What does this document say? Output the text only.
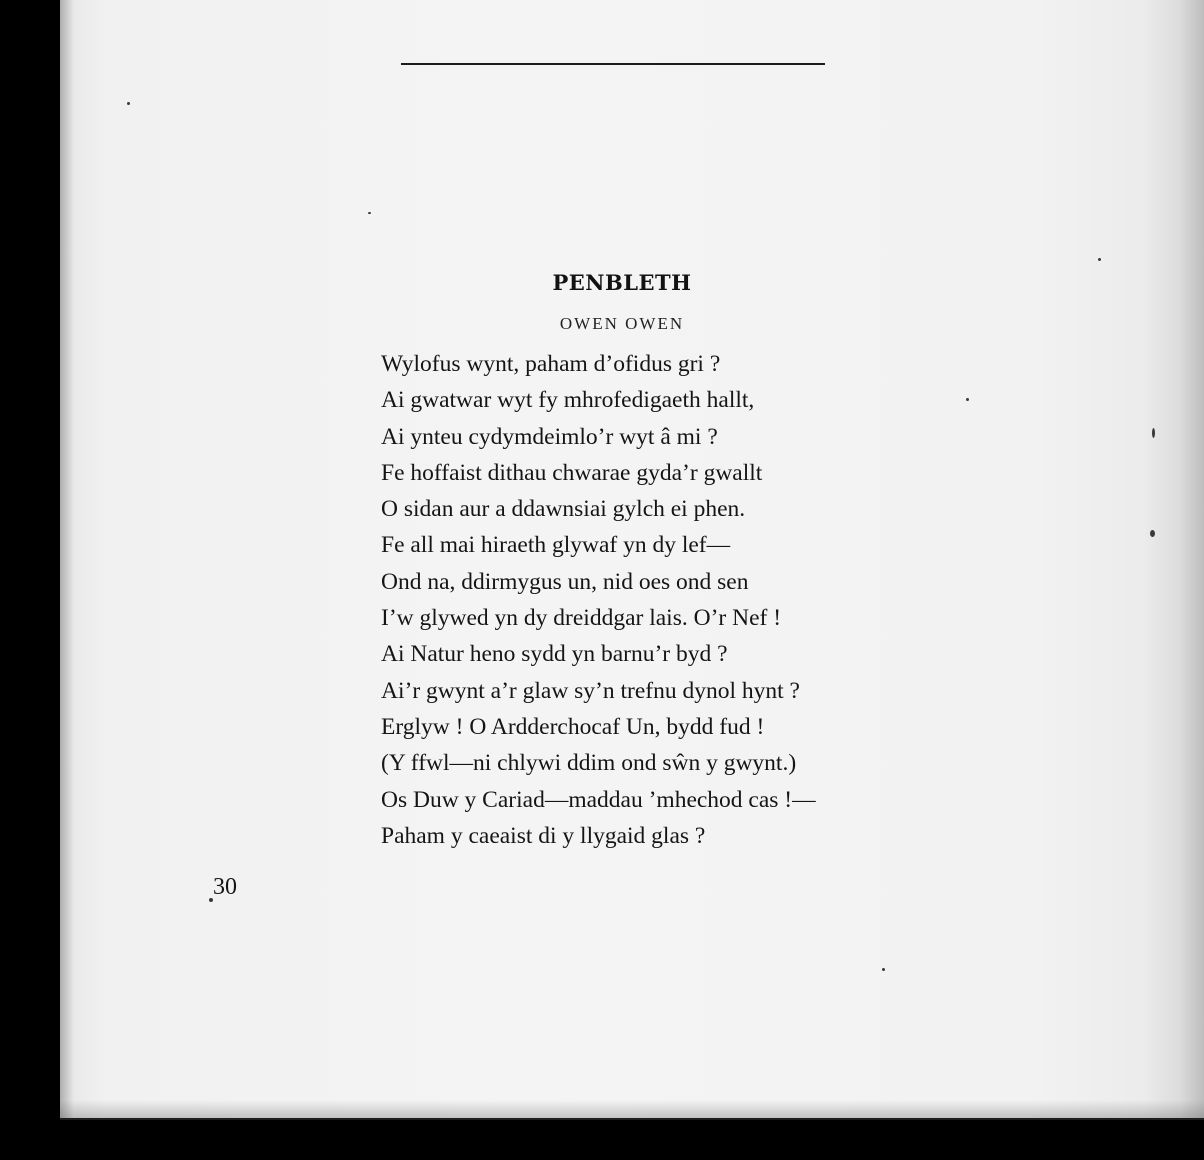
PENBLETH
OWEN OWEN
Wylofus wynt, paham d’ofidus gri ?
Ai gwatwar wyt fy mhrofedigaeth hallt,
Ai ynteu cydymdeimlo’r wyt â mi ?
Fe hoffaist dithau chwarae gyda’r gwallt
O sidan aur a ddawnsiai gylch ei phen.
Fe all mai hiraeth glywaf yn dy lef—
Ond na, ddirmygus un, nid oes ond sen
I’w glywed yn dy dreiddgar lais. O’r Nef !
Ai Natur heno sydd yn barnu’r byd ?
Ai’r gwynt a’r glaw sy’n trefnu dynol hynt ?
Erglyw ! O Ardderchocaf Un, bydd fud !
(Y ffwl—ni chlywi ddim ond sŵn y gwynt.)
Os Duw y Cariad—maddau ’mhechod cas !—
Paham y caeaist di y llygaid glas ?
30
